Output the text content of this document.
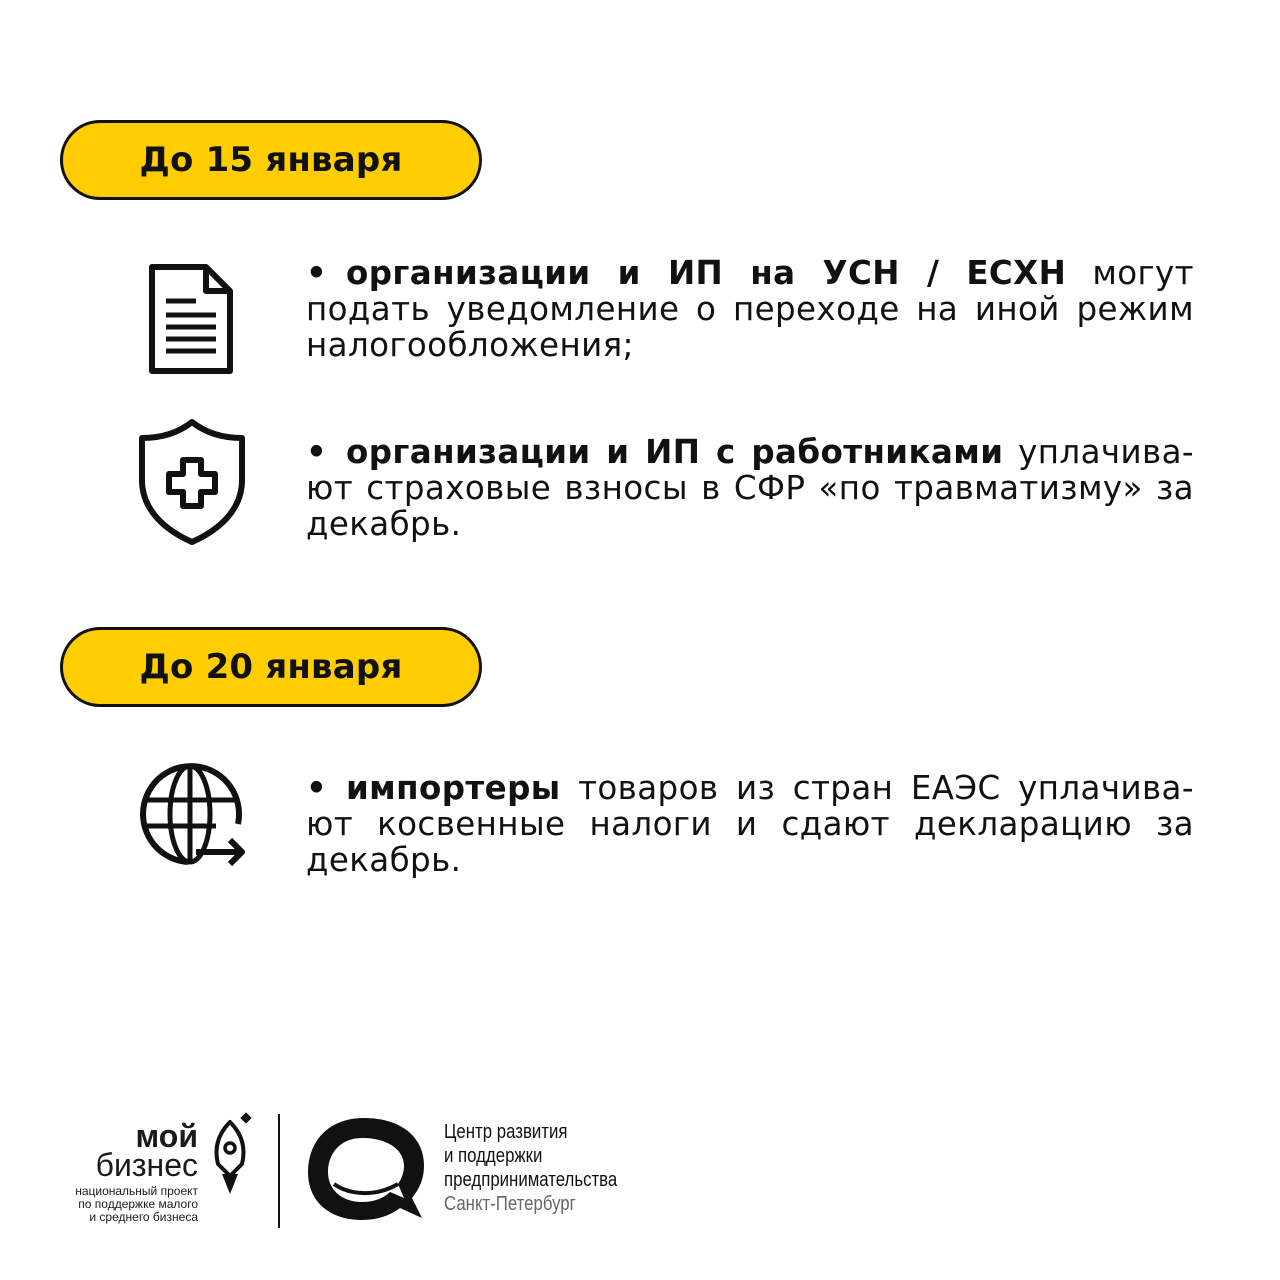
До 15 января
• организации и ИП на УСН / ЕСХН могут подать уведомление о переходе на иной режим налогообложения;
• организации и ИП с работниками уплачива-ют страховые взносы в СФР «по травматизму» за декабрь.
До 20 января
• импортеры товаров из стран ЕАЭС уплачива-ют косвенные налоги и сдают декларацию за декабрь.
мой
бизнес
национальный проект
по поддержке малого
и среднего бизнеса
Центр развития
и поддержки
предпринимательства
Санкт-Петербург
